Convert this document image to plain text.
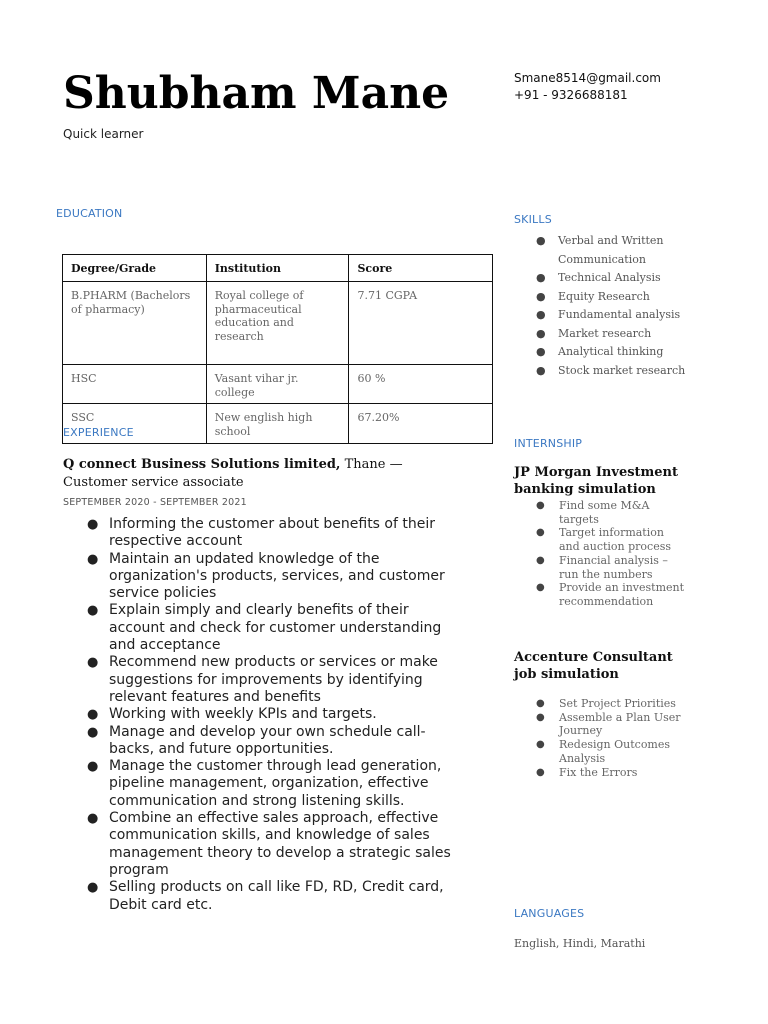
Shubham Mane
Quick learner
Smane8514@gmail.com
+91 - 9326688181
EDUCATION
Degree/Grade	Institution	Score
B.PHARM (Bachelors of pharmacy)	Royal college of pharmaceutical education and research	7.71 CGPA
HSC	Vasant vihar jr. college	60 %
SSC	New english high school	67.20%
EXPERIENCE
Q connect Business Solutions limited, Thane — Customer service associate
SEPTEMBER 2020 - SEPTEMBER 2021
● Informing the customer about benefits of their respective account
● Maintain an updated knowledge of the organization's products, services, and customer service policies
● Explain simply and clearly benefits of their account and check for customer understanding and acceptance
● Recommend new products or services or make suggestions for improvements by identifying relevant features and benefits
● Working with weekly KPIs and targets.
● Manage and develop your own schedule call-backs, and future opportunities.
● Manage the customer through lead generation, pipeline management, organization, effective communication and strong listening skills.
● Combine an effective sales approach, effective communication skills, and knowledge of sales management theory to develop a strategic sales program
● Selling products on call like FD, RD, Credit card, Debit card etc.
SKILLS
● Verbal and Written Communication
● Technical Analysis
● Equity Research
● Fundamental analysis
● Market research
● Analytical thinking
● Stock market research
INTERNSHIP
JP Morgan Investment banking simulation
● Find some M&A targets
● Target information and auction process
● Financial analysis – run the numbers
● Provide an investment recommendation
Accenture Consultant job simulation
● Set Project Priorities
● Assemble a Plan User Journey
● Redesign Outcomes Analysis
● Fix the Errors
LANGUAGES
English, Hindi, Marathi
